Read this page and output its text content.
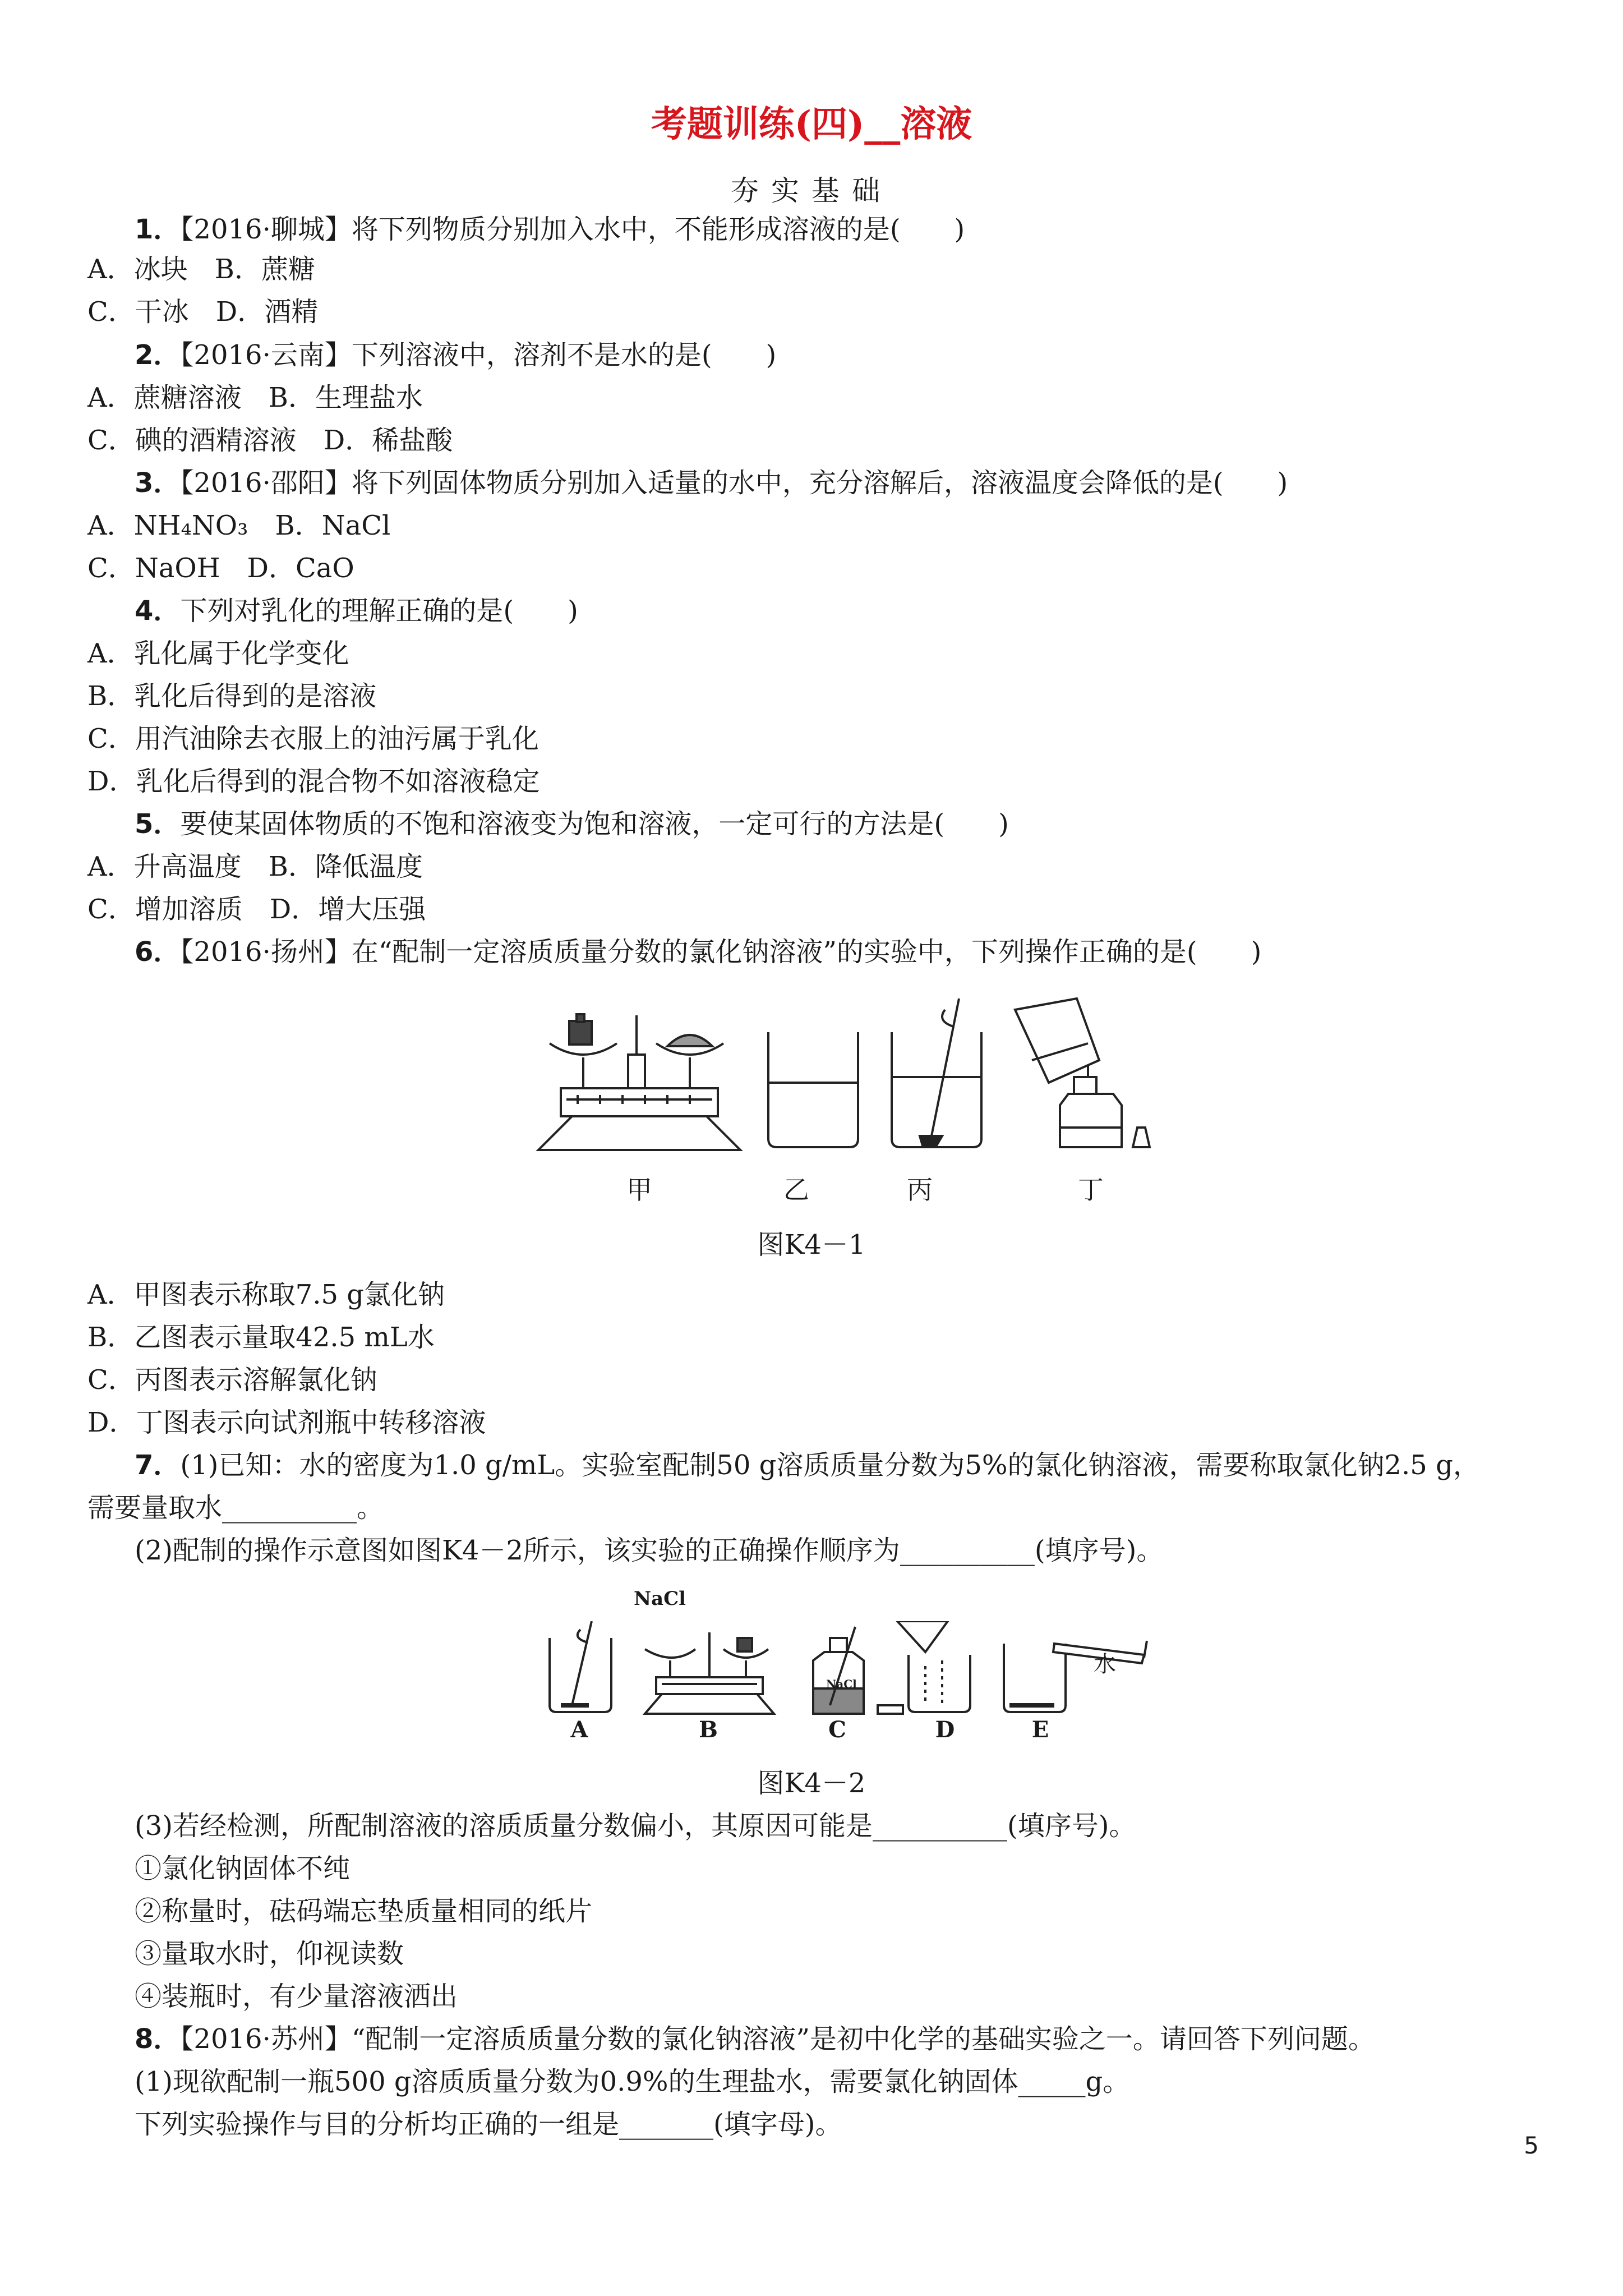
考题训练(四)__溶液
夯实基础
1．【2016·聊城】将下列物质分别加入水中，不能形成溶液的是(　　)
A．冰块　B．蔗糖
C．干冰　D．酒精
2．【2016·云南】下列溶液中，溶剂不是水的是(　　)
A．蔗糖溶液　B．生理盐水
C．碘的酒精溶液　D．稀盐酸
3．【2016·邵阳】将下列固体物质分别加入适量的水中，充分溶解后，溶液温度会降低的是(　　)
A．NH₄NO₃　B．NaCl
C．NaOH　D．CaO
4．下列对乳化的理解正确的是(　　)
A．乳化属于化学变化
B．乳化后得到的是溶液
C．用汽油除去衣服上的油污属于乳化
D．乳化后得到的混合物不如溶液稳定
5．要使某固体物质的不饱和溶液变为饱和溶液，一定可行的方法是(　　)
A．升高温度　B．降低温度
C．增加溶质　D．增大压强
6．【2016·扬州】在“配制一定溶质质量分数的氯化钠溶液”的实验中，下列操作正确的是(　　)
甲	乙	丙	丁
图K4－1
A．甲图表示称取7.5 g氯化钠
B．乙图表示量取42.5 mL水
C．丙图表示溶解氯化钠
D．丁图表示向试剂瓶中转移溶液
7．(1)已知：水的密度为1.0 g/mL。实验室配制50 g溶质质量分数为5%的氯化钠溶液，需要称取氯化钠2.5 g，
需要量取水__________。
(2)配制的操作示意图如图K4－2所示，该实验的正确操作顺序为__________(填序号)。
NaCl
NaCl
水
A	B	C	D	E
图K4－2
(3)若经检测，所配制溶液的溶质质量分数偏小，其原因可能是__________(填序号)。
①氯化钠固体不纯
②称量时，砝码端忘垫质量相同的纸片
③量取水时，仰视读数
④装瓶时，有少量溶液洒出
8．【2016·苏州】“配制一定溶质质量分数的氯化钠溶液”是初中化学的基础实验之一。请回答下列问题。
(1)现欲配制一瓶500 g溶质质量分数为0.9%的生理盐水，需要氯化钠固体_____g。
下列实验操作与目的分析均正确的一组是_______(填字母)。
5
